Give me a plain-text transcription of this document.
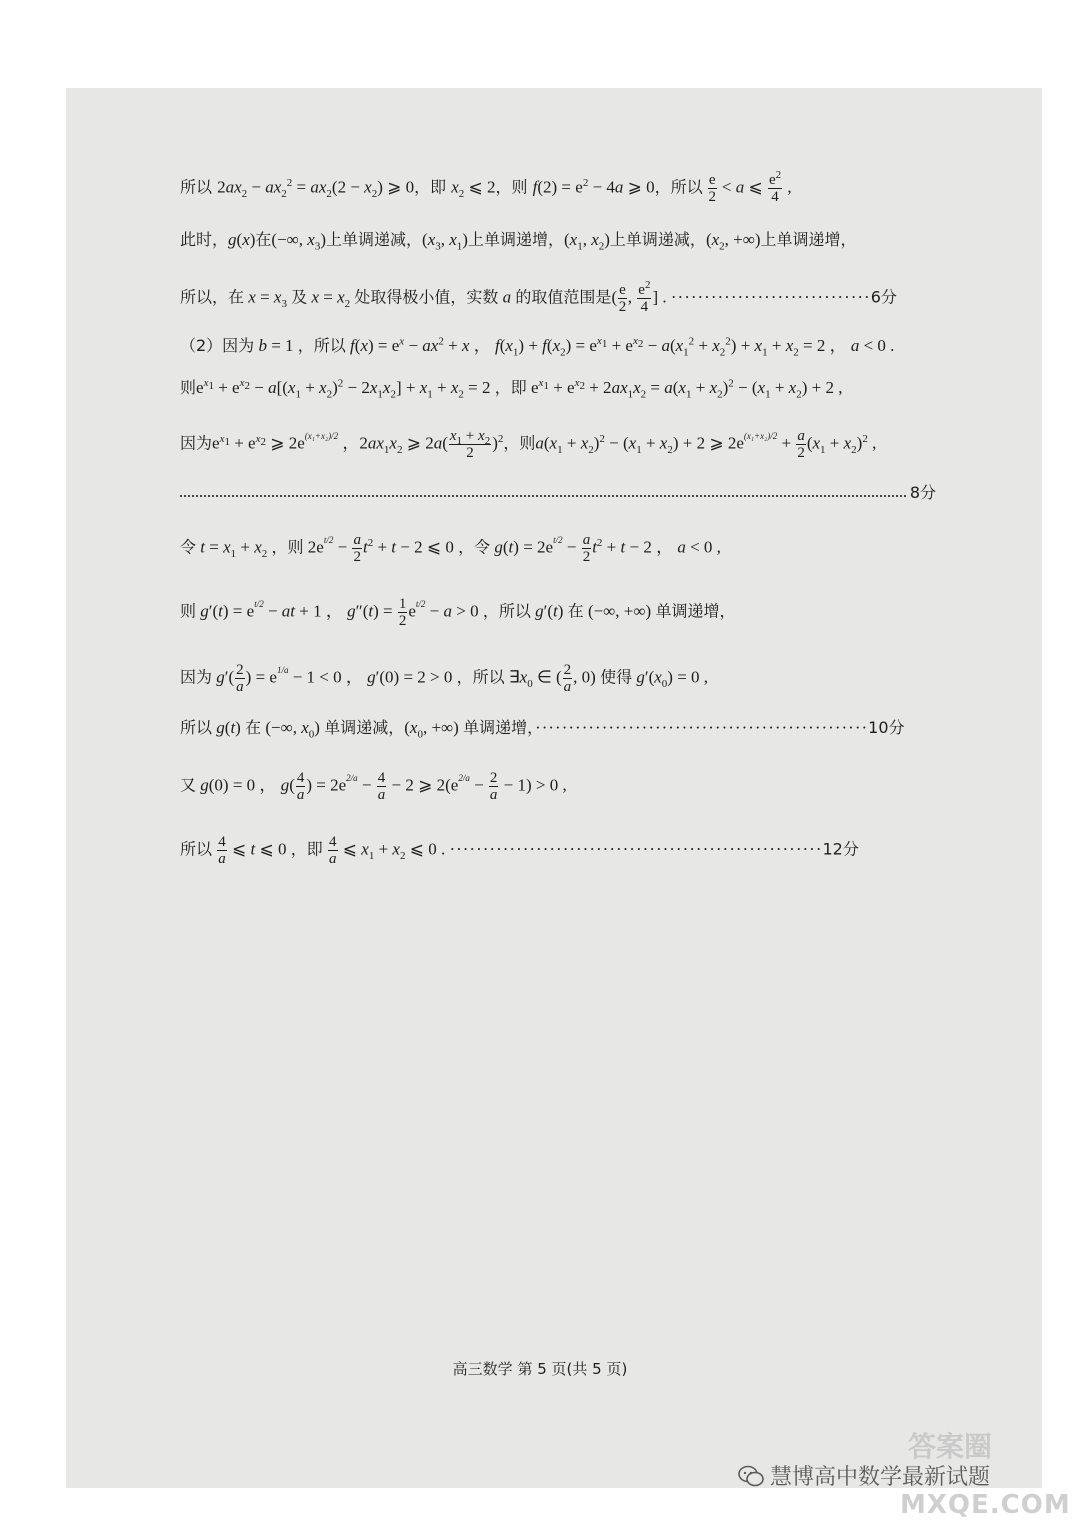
所以 $2ax_2 - ax_2^2 = ax_2(2 - x_2)$ ⩾ 0，即 $x_2$ ⩽ 2，则 $f(2) = e^2 - 4a$ ⩾ 0，所以 $\frac{e}{2} < a$ ⩽ $\frac{e^2}{4}$ ,
此时，g(x)在(−∞, $x_3$)上单调递减，($x_3$, $x_1$)上单调递增，($x_1$, $x_2$)上单调递减，($x_2$, +∞)上单调递增，
所以，在 $x = x_3$ 及 $x = x_2$ 处取得极小值，实数 a 的取值范围是( $\frac{e}{2}$ , $\frac{e^2}{4}$ ] . ······························6分
（2）因为 b = 1 ，所以 $f(x) = e^x - ax^2 + x$ ， $f(x_1) + f(x_2) = e^{x_1} + e^{x_2} - a(x_1^2 + x_2^2) + x_1 + x_2 = 2$ ， a < 0 .
则$e^{x_1} + e^{x_2} - a[(x_1 + x_2)^2 - 2x_1x_2] + x_1 + x_2 = 2$ ，即 $e^{x_1} + e^{x_2} + 2ax_1x_2 = a(x_1 + x_2)^2 - (x_1 + x_2) + 2$ ,
因为$e^{x_1} + e^{x_2}$ ⩾ $2e^{(x_1+x_2)/2}$ ，$2ax_1x_2$ ⩾ $2a( \frac{x_1 + x_2}{2} )^2$，则$a(x_1 + x_2)^2 - (x_1 + x_2) + 2$ ⩾ $2e^{(x_1+x_2)/2} + \frac{a}{2} (x_1 + x_2)^2$ ,
8分
令 $t = x_1 + x_2$ ，则 $2e^{t/2} - \frac{a}{2} t^2 + t - 2$ ⩽ 0 ，令 $g(t) = 2e^{t/2} - \frac{a}{2} t^2 + t - 2$ ， a < 0 ,
则 $g'(t) = e^{t/2}$ − at + 1 ， $g''(t) = \frac{1}{2} e^{t/2} - a > 0$ ，所以 g′(t) 在 (−∞, +∞) 单调递增，
因为 $g'( \frac{2}{a}$ ) = $e^{1/a} - 1 < 0$ ， g′(0) = 2 > 0 ，所以 $\exists x_0$ ∈ ( $\frac{2}{a}$ , 0) 使得 $g'(x_0) = 0$ ,
所以 g(t) 在 (−∞, $x_0$) 单调递减，($x_0$, +∞) 单调递增，··················································10分
又 g(0) = 0 ， $g( \frac{4}{a}$ ) = $2e^{2/a} - \frac{4}{a} - 2$ ⩾ $2(e^{2/a} - \frac{2}{a} - 1) > 0$ ,
所以 $\frac{4}{a}$ ⩽ t ⩽ 0 ，即 $\frac{4}{a}$ ⩽ $x_1 + x_2$ ⩽ 0 . ························································12分
高三数学 第 5 页(共 5 页)
慧博高中数学最新试题
答案圈
MXQE.COM
